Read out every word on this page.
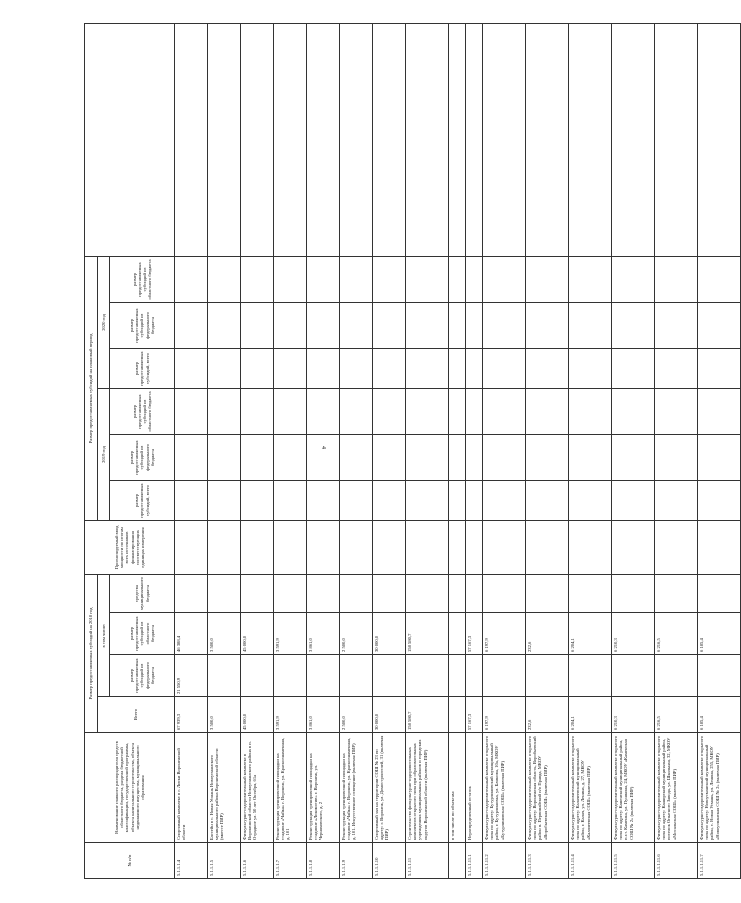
4
№ п/п	Наименование главного распорядителя средств областного бюджета, раздела бюджетной классификации, государственной программы, объекта капитального строительства, объекта недвижимого имущества, муниципального образования	Размер предоставляемых субсидий на 2018 год				Прогнозируемый ввод мощности по итогам всех источников финансирования соответствующих единицах измерения	Размер предоставляемых субсидий на плановый период						
		Всего	в том числе:				2019 год			2020 год			
			размер предоставляемых субсидий из федерального бюджета	размер предоставляемых субсидий из областного бюджета	средства муниципального бюджета		размер предоставляемых субсидий, всего	размер предоставляемых субсидий из федерального бюджета	размер предоставляемых субсидий из областного бюджета	размер предоставляемых субсидий, всего	размер предоставляемых субсидий из федерального бюджета	размер предоставляемых субсидий из областного бюджета	
5.1.1.1.4	Спортивный комплекс в г. Лиски Воронежской области	67 939,3	21 550,9	46 388,4									
5.1.1.1.5	Бассейн в с. Новая Усмань Новоусманского муниципального района Воронежской области (вместе ПИР)	3 500,0		3 500,0									
5.1.1.1.6	Физкультурно-оздоровительный комплекс в Воронежской области Новоусманского района в п. Отрадное ул. 50 лет Октября, 61а	45 000,0		45 000,0									
5.1.1.1.7	Реконструкция тренировочной площадки на стадионе «Чайка» г. Воронеж, ул. Краснознаменная, д. 101	3 591,9		3 591,9									
5.1.1.1.8	Реконструкция тренировочной площадки на стадионе «Локомотив» г. Воронеж, ул. Черняховского, д. 2	3 861,0		3 861,0									
5.1.1.1.9	Реконструкция тренировочной площадки на стадионе «Чайка» г. Воронеж, ул. Краснознаменная, д. 101. Искусственное освещение (включая ПИР)	2 500,0		2 500,0									
5.1.1.1.10	Спортивный зал на территории СОШ № 23 по адресу: г. Воронеж, ул. Домостроителей, 31 (включая ПИР)	30 000,0		30 000,0									
5.1.1.1.11	Строительство физкультурно-оздоровительных комплексов открытого типа при образовательных учреждениях муниципальных районов и городских округов Воронежской области (включая ПИР)	158 580,7		158 580,7									
	в том числе по объектам:												
5.1.1.1.11.1	Нераспределенный остаток	57 167,3		57 167,3									
5.1.1.1.11.2	Физкультурно-оздоровительный комплекс открытого типа по адресу: Бутурлиновский муниципальный район, г. Бутурлиновка, ул. Блинова, 10а, МКОУ «Бутурлиновская СОШ» (включая ПИР)	6 197,9		6 197,9									
5.1.1.1.11.3	Физкультурно-оздоровительный комплекс открытого типа по адресу: Воронежская область, Воробьевский район п. Первомайский п/о Правда, МКОУ «Воробьевская СОШ» (включая ПИР)	232,6		232,6									
5.1.1.1.11.4	Физкультурно-оздоровительный комплекс открытого типа по адресу: Калачеевский муниципальный район, г. Калач, ул. Ленина, д. 27, МКОУ «Калачеевская СОШ» (включая ПИР)	6 204,1		6 204,1									
5.1.1.1.11.5	Физкультурно-оздоровительный комплекс открытого типа по адресу: Каменский муниципальный район, п.г.т. Каменка, ул. Пушкина, 24, МКОУ «Каменская СОШ № 2» (включая ПИР)	6 210,3		6 210,3									
5.1.1.1.11.6	Физкультурно-оздоровительный комплекс открытого типа по адресу: Каширский муниципальный район, поселок Опытного Завода, ул. Школьная, 32, МКОУ «Мосальская СОШ» (включая ПИР)	6 216,5		6 216,5									
5.1.1.1.11.7	Физкультурно-оздоровительный комплекс открытого типа по адресу: Новоусманский муниципальный район, с. Новая Усмань, ул. Ленина, 255, МКОУ «Новоусманская СОШ № 2» (включая ПИР)	6 185,4		6 185,4									
